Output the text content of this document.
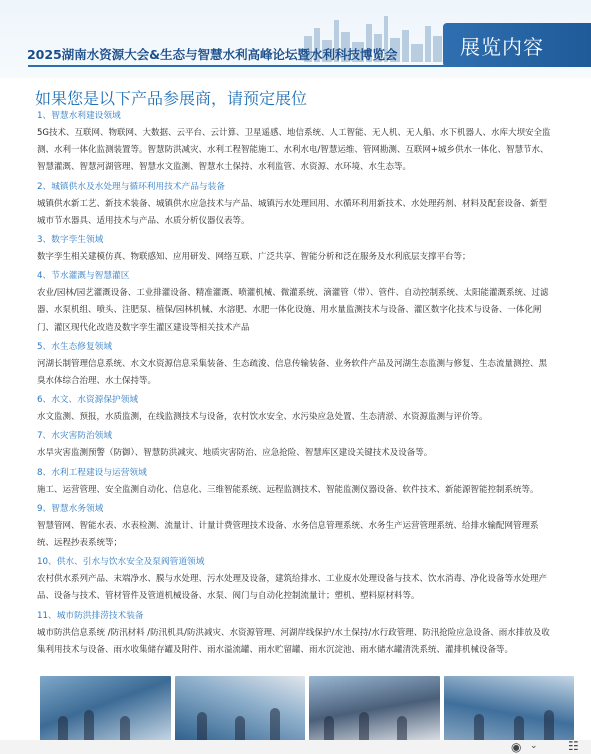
2025湖南水资源大会&生态与智慧水利高峰论坛暨水利科技博览会	展览内容
如果您是以下产品参展商，请预定展位

1、智慧水利建设领域

5G技术、互联网、物联网、大数据、云平台、云计算、卫星遥感、地信系统、人工智能、无人机、无人船、水下机器人、水库大坝安全监测、水利一体化监测装置等。智慧防洪减灾、水利工程智能施工、水利水电/智慧运维、管网勘测、互联网+城乡供水一体化、智慧节水、智慧灌溉、智慧河湖管理、智慧水文监测、智慧水土保持、水利监管、水资源、水环境、水生态等。

2、城镇供水及水处理与循环利用技术产品与装备

城镇供水新工艺、新技术装备、城镇供水应急技术与产品、城镇污水处理回用、水循环利用新技术、水处理药剂、材料及配套设备、新型城市节水器具、适用技术与产品、水质分析仪器仪表等。

3、数字孪生领域

数字孪生相关建模仿真、物联感知、应用研发、网络互联、广泛共享、智能分析和泛在服务及水利底层支撑平台等；

4、节水灌溉与智慧灌区

农业/园林/园艺灌溉设备、工业排灌设备、精准灌溉、喷灌机械、微灌系统、滴灌管（带）、管件、自动控制系统、太阳能灌溉系统、过滤器、水泵机组、喷头、注肥泵、植保/园林机械、水溶肥、水肥一体化设施、用水量监测技术与设备、灌区数字化技术与设备、一体化闸门、灌区现代化改造及数字孪生灌区建设等相关技术产品

5、水生态修复领域

河湖长制管理信息系统、水文水资源信息采集装备、生态疏浚、信息传输装备、业务软件产品及河湖生态监测与修复、生态流量测控、黑臭水体综合治理、水土保持等。

6、水文、水资源保护领域

水文监测、预报，水质监测，在线监测技术与设备，农村饮水安全、水污染应急处置、生态清淤、水资源监测与评价等。

7、水灾害防治领域

水旱灾害监测预警（防御）、智慧防洪减灾、地质灾害防治、应急抢险、智慧库区建设关键技术及设备等。

8、水利工程建设与运营领域

施工、运营管理、安全监测自动化、信息化、三维智能系统、远程监测技术、智能监测仪器设备、软件技术、新能源智能控制系统等。

9、智慧水务领域

智慧管网、智能水表、水表检测、流量计、计量计费管理技术设备、水务信息管理系统、水务生产运营管理系统、给排水输配网管理系统、远程抄表系统等；

10、供水、引水与饮水安全及泵阀管道领域

农村供水系列产品、末端净水、膜与水处理、污水处理及设备，建筑给排水、工业废水处理设备与技术、饮水消毒、净化设备等水处理产品、设备与技术、管材管件及管道机械设备、水泵、阀门与自动化控制流量计；塑机、塑料原材料等。

11、城市防洪排涝技术装备

城市防洪信息系统 /防汛材料 /防汛机具/防洪减灾、水资源管理、河湖岸线保护/水土保持/水行政管理、防汛抢险应急设备、雨水排放及收集利用技术与设备、雨水收集储存罐及附件、雨水溢流罐、雨水贮留罐、雨水沉淀池、雨水储水罐清洗系统、灌排机械设备等。

◉ ⌄	☷
